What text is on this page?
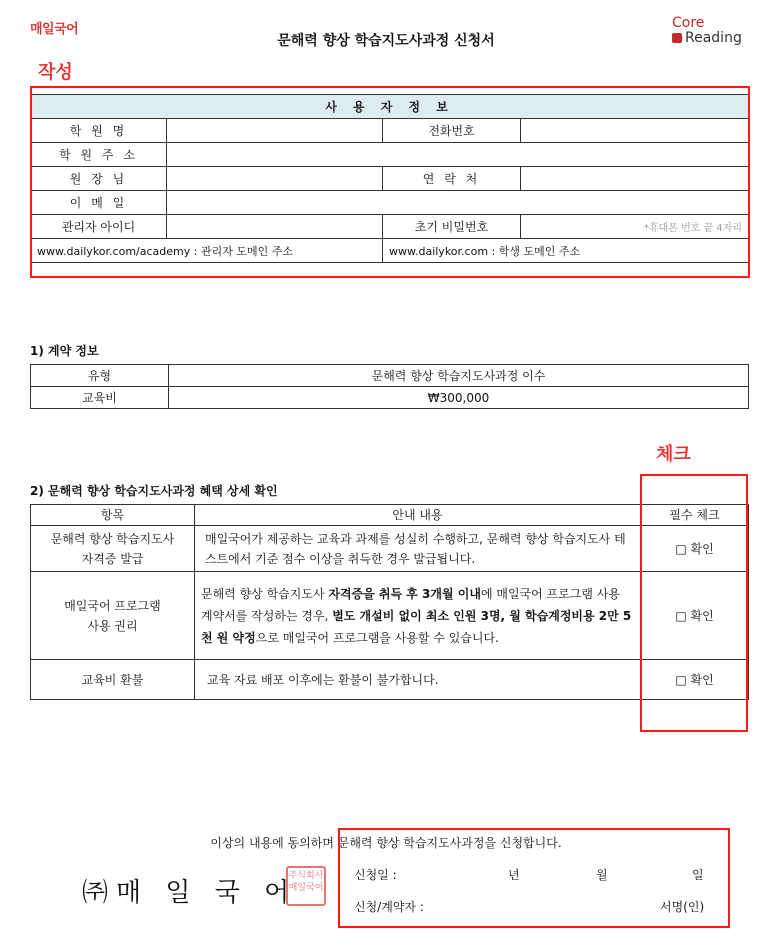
매일국어
문해력 향상 학습지도사과정 신청서
Core
Reading
작성
사 용 자 정 보			
학 원 명		전화번호	
학 원 주 소			
원 장 님		연 락 처	
이 메 일			
관리자 아이디		초기 비밀번호	*휴대폰 번호 끝 4자리
www.dailykor.com/academy : 관리자 도메인 주소		www.dailykor.com : 학생 도메인 주소	
1) 계약 정보
유형	문해력 향상 학습지도사과정 이수
교육비	₩300,000
체크
2) 문해력 향상 학습지도사과정 혜택 상세 확인
항목	안내 내용	필수 체크

문해력 향상 학습지도사
자격증 발급	매일국어가 제공하는 교육과 과제를 성실히 수행하고, 문해력 향상 학습지도사 테스트에서 기준 점수 이상을 취득한 경우 발급됩니다.	□ 확인

매일국어 프로그램
사용 권리	문해력 향상 학습지도사 자격증을 취득 후 3개월 이내에 매일국어 프로그램 사용 계약서를 작성하는 경우, 별도 개설비 없이 최소 인원 3명, 월 학습계정비용 2만 5천 원 약정으로 매일국어 프로그램을 사용할 수 있습니다.	□ 확인
교육비 환불	교육 자료 배포 이후에는 환불이 불가합니다.	□ 확인
이상의 내용에 동의하며 문해력 향상 학습지도사과정을 신청합니다.
㈜매 일 국 어
주식회사매일국어
신청일 :	년	월	일
신청/계약자 :	서명(인)
